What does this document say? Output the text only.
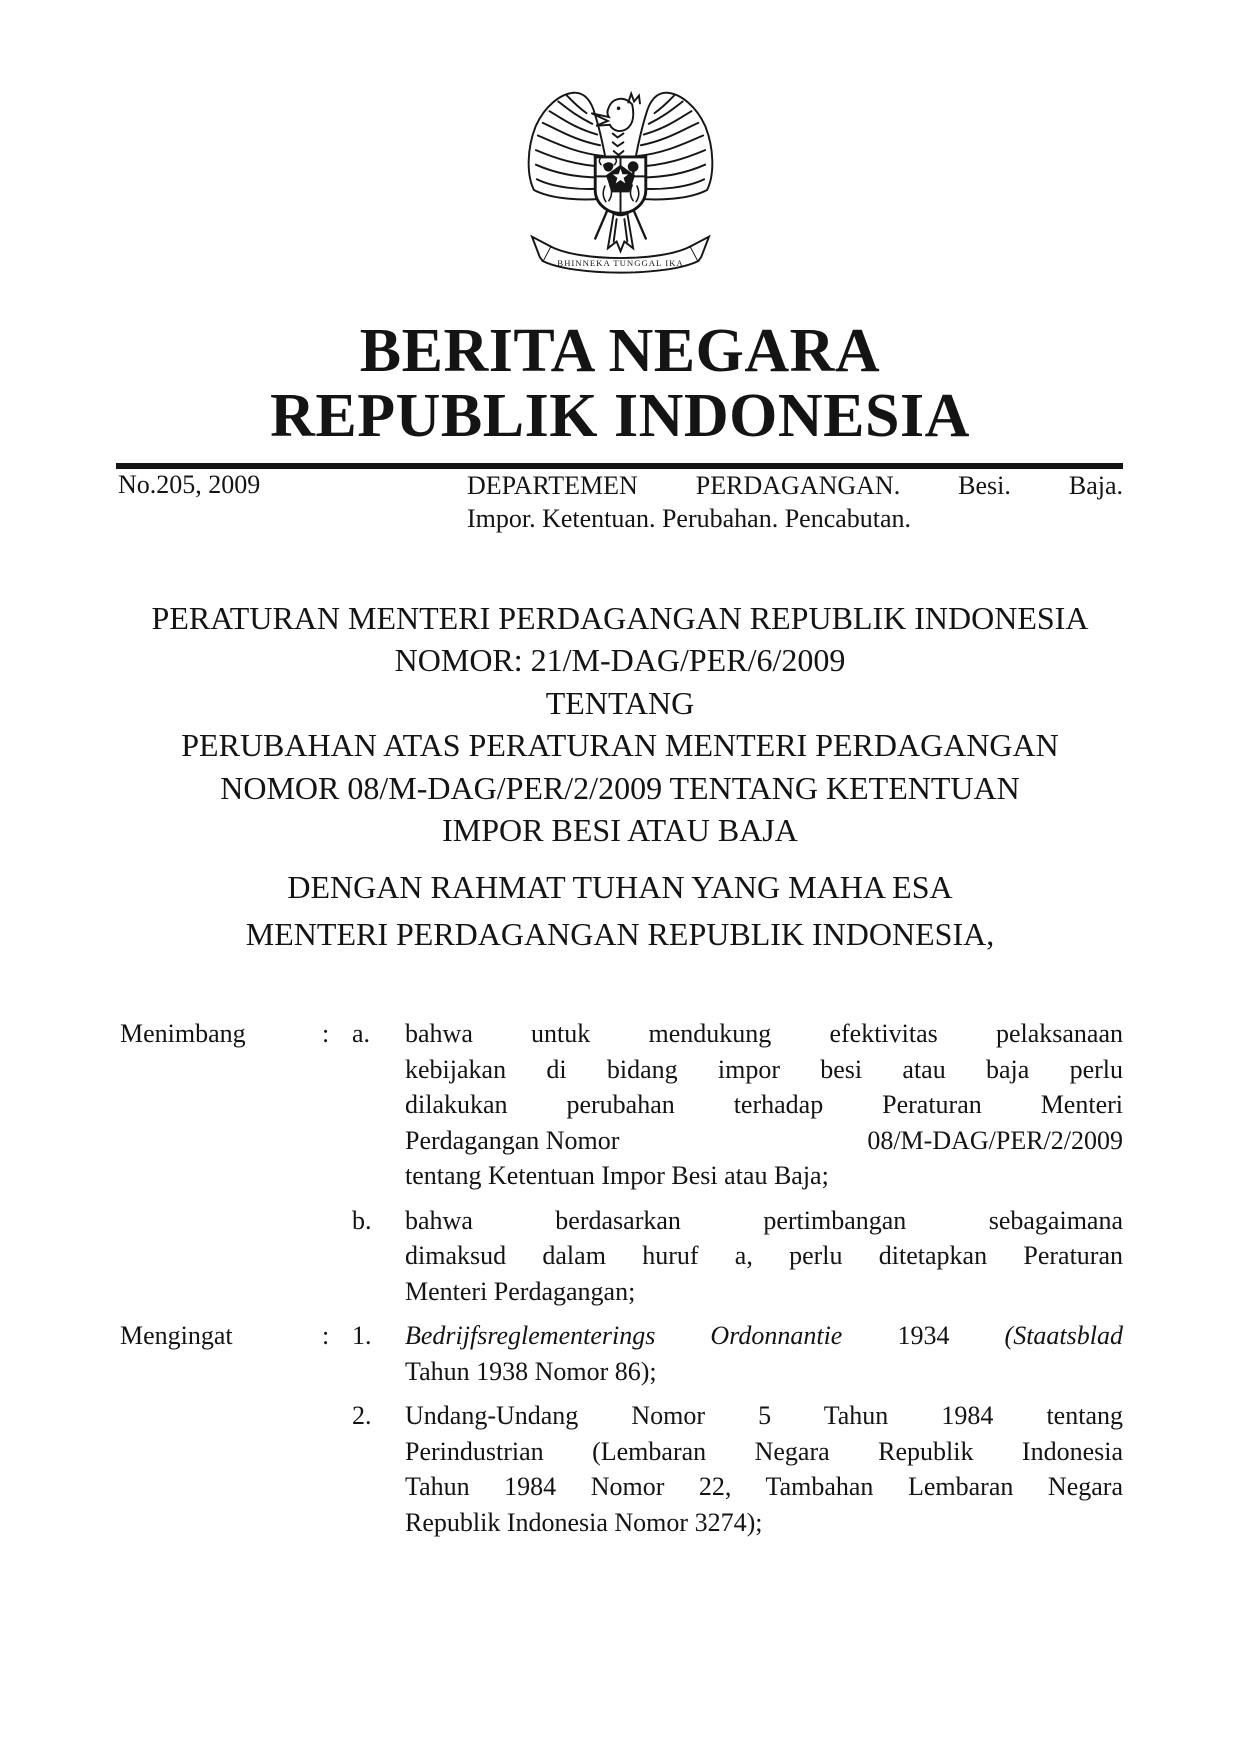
BHINNEKA TUNGGAL IKA
BERITA NEGARA
REPUBLIK INDONESIA
No.205, 2009	DEPARTEMEN PERDAGANGAN. Besi. Baja.
Impor. Ketentuan. Perubahan. Pencabutan.
PERATURAN MENTERI PERDAGANGAN REPUBLIK INDONESIA
NOMOR: 21/M-DAG/PER/6/2009
TENTANG
PERUBAHAN ATAS PERATURAN MENTERI PERDAGANGAN
NOMOR 08/M-DAG/PER/2/2009 TENTANG KETENTUAN
IMPOR BESI ATAU BAJA
DENGAN RAHMAT TUHAN YANG MAHA ESA
MENTERI PERDAGANGAN REPUBLIK INDONESIA,
Menimbang	: a.	bahwa untuk mendukung efektivitas pelaksanaan
kebijakan di bidang impor besi atau baja perlu
dilakukan perubahan terhadap Peraturan Menteri
Perdagangan Nomor	08/M-DAG/PER/2/2009
tentang Ketentuan Impor Besi atau Baja;
b.	bahwa berdasarkan pertimbangan sebagaimana
dimaksud dalam huruf a, perlu ditetapkan Peraturan
Menteri Perdagangan;
Mengingat	: 1.	Bedrijfsreglementerings Ordonnantie 1934 (Staatsblad
Tahun 1938 Nomor 86);
2.	Undang-Undang Nomor 5 Tahun 1984 tentang
Perindustrian (Lembaran Negara Republik Indonesia
Tahun 1984 Nomor 22, Tambahan Lembaran Negara
Republik Indonesia Nomor 3274);
